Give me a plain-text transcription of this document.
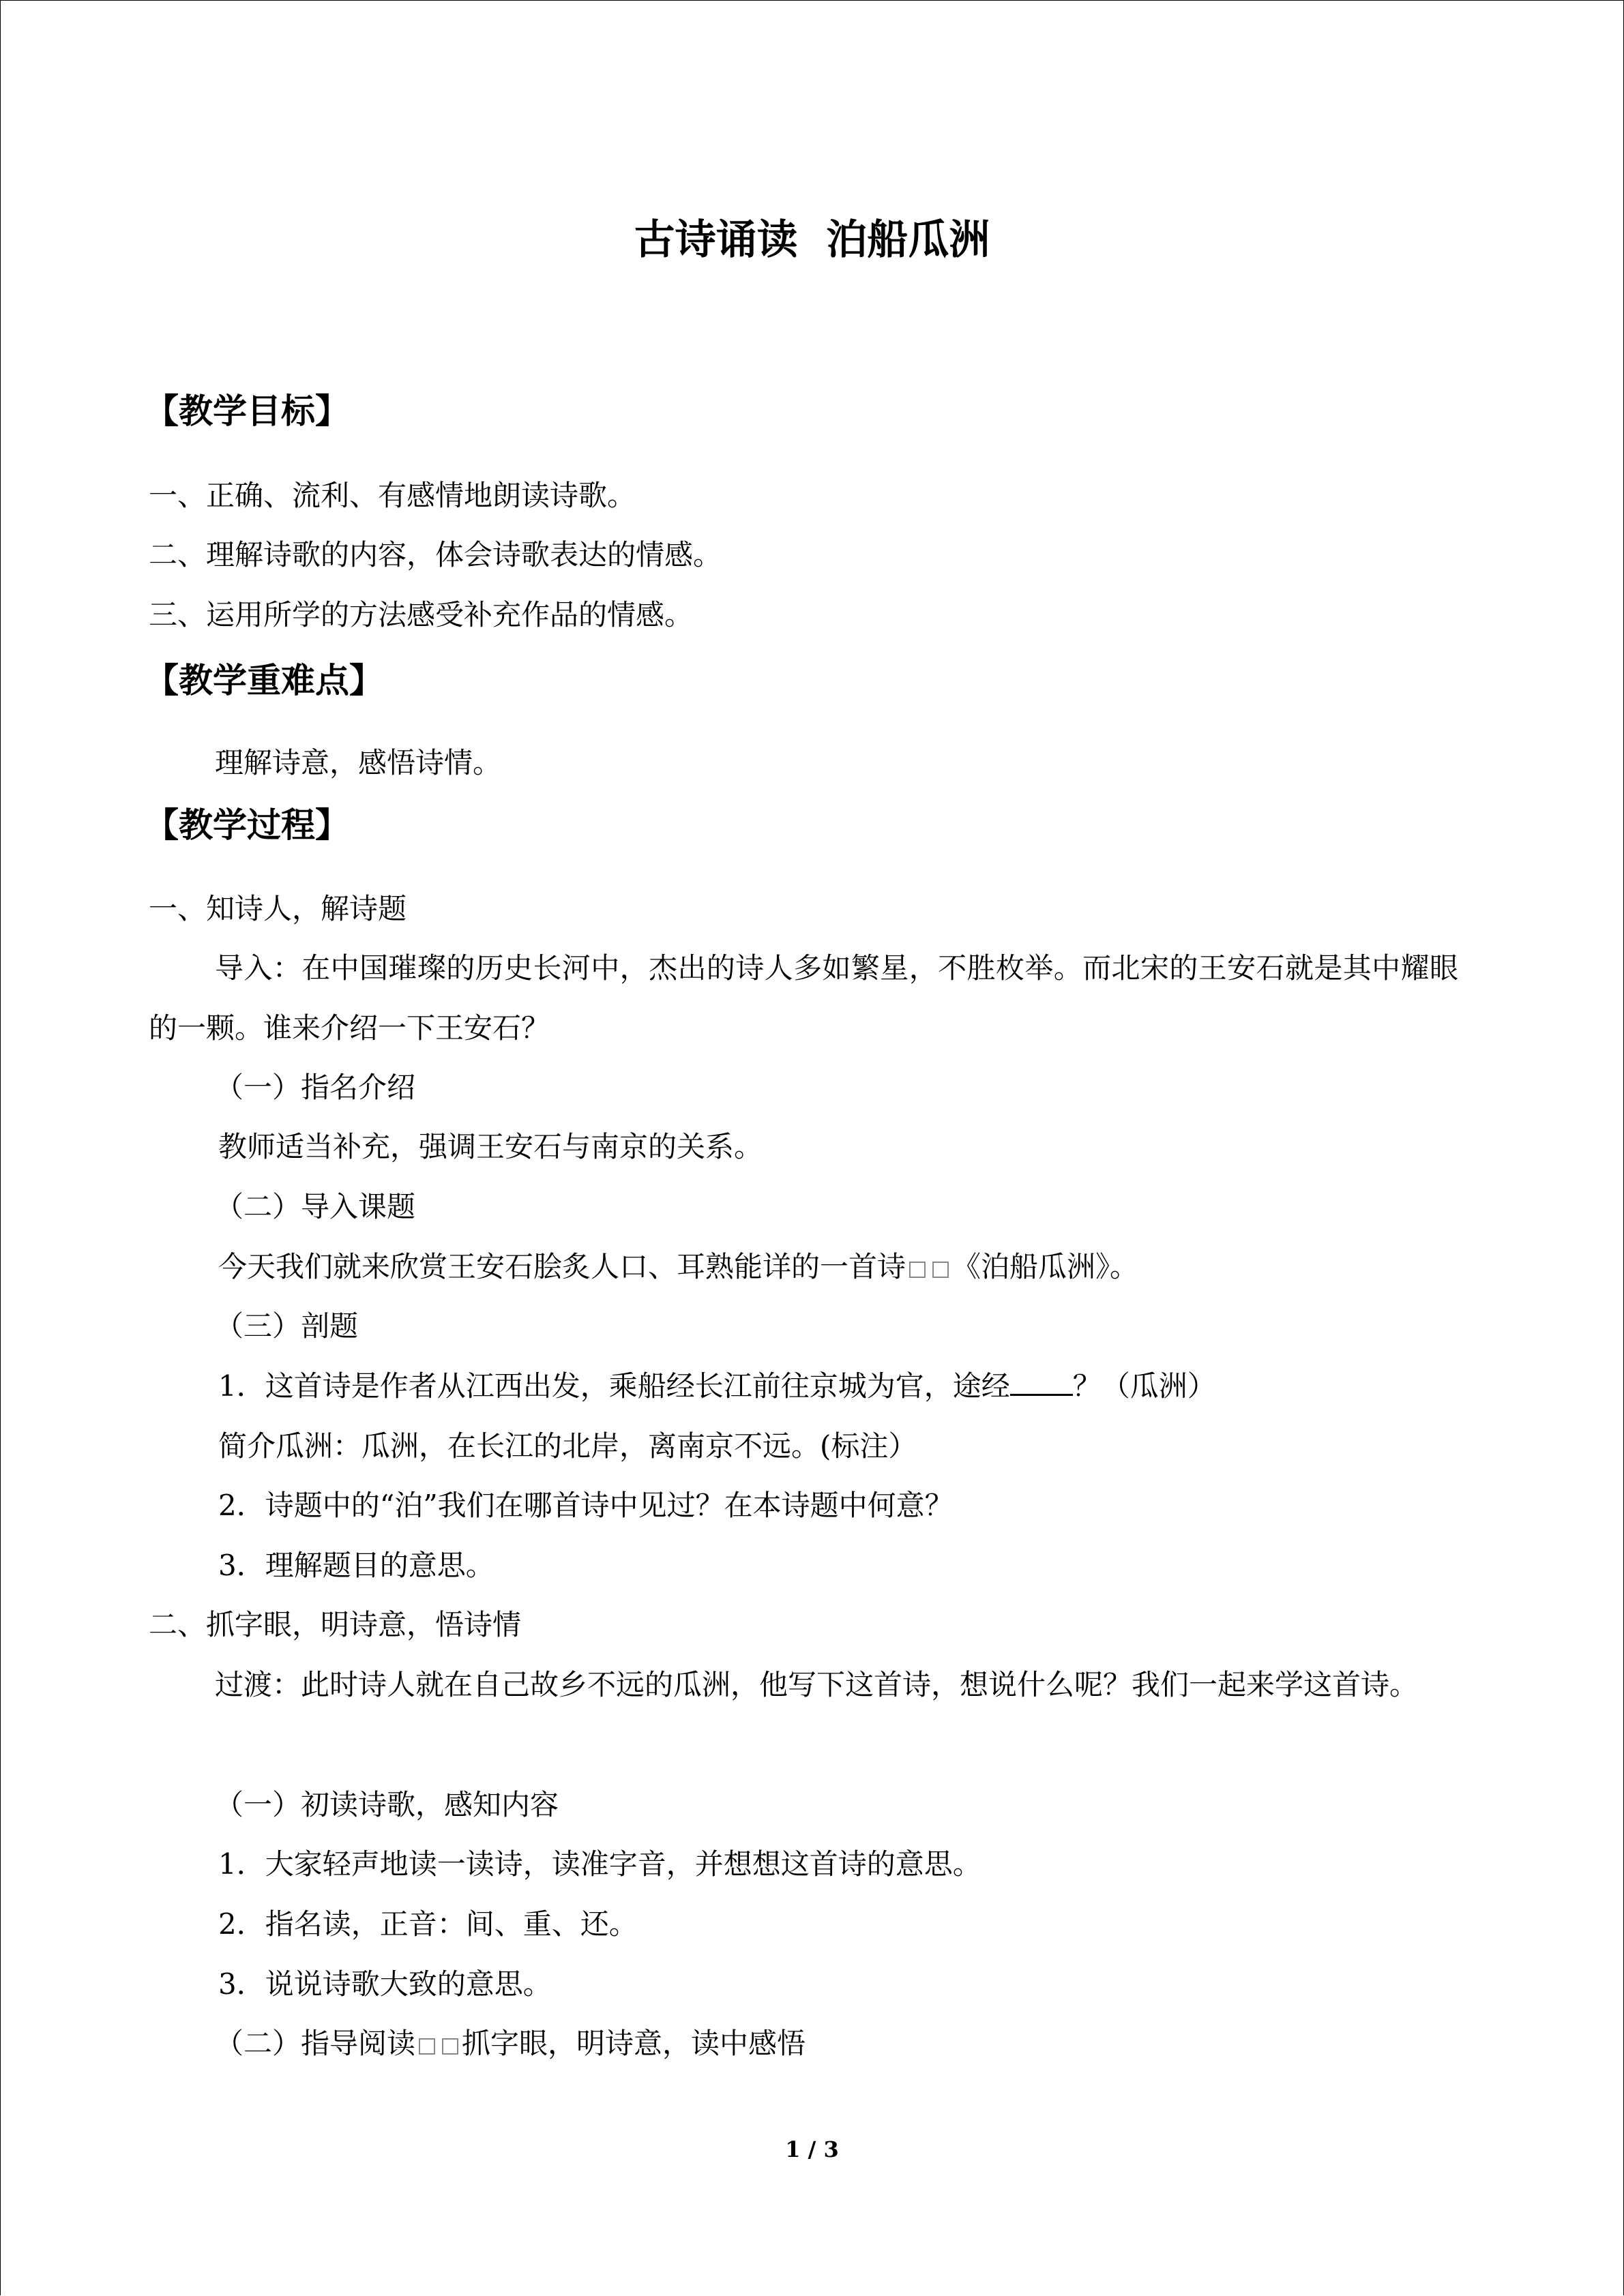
古诗诵读  泊船瓜洲
【教学目标】
一、正确、流利、有感情地朗读诗歌。
二、理解诗歌的内容，体会诗歌表达的情感。
三、运用所学的方法感受补充作品的情感。
【教学重难点】
理解诗意，感悟诗情。
【教学过程】
一、知诗人，解诗题
导入：在中国璀璨的历史长河中，杰出的诗人多如繁星，不胜枚举。而北宋的王安石就是其中耀眼的一颗。谁来介绍一下王安石？
（一）指名介绍
教师适当补充，强调王安石与南京的关系。
（二）导入课题
今天我们就来欣赏王安石脍炙人口、耳熟能详的一首诗 《泊船瓜洲》。
（三）剖题
1．这首诗是作者从江西出发，乘船经长江前往京城为官，途经 ？（瓜洲）
简介瓜洲：瓜洲，在长江的北岸，离南京不远。(标注）
2．诗题中的“泊”我们在哪首诗中见过？在本诗题中何意？
3．理解题目的意思。
二、抓字眼，明诗意，悟诗情
过渡：此时诗人就在自己故乡不远的瓜洲，他写下这首诗，想说什么呢？我们一起来学这首诗。
（一）初读诗歌，感知内容
1．大家轻声地读一读诗，读准字音，并想想这首诗的意思。
2．指名读，正音：间、重、还。
3．说说诗歌大致的意思。
（二）指导阅读 抓字眼，明诗意，读中感悟
1 / 3
